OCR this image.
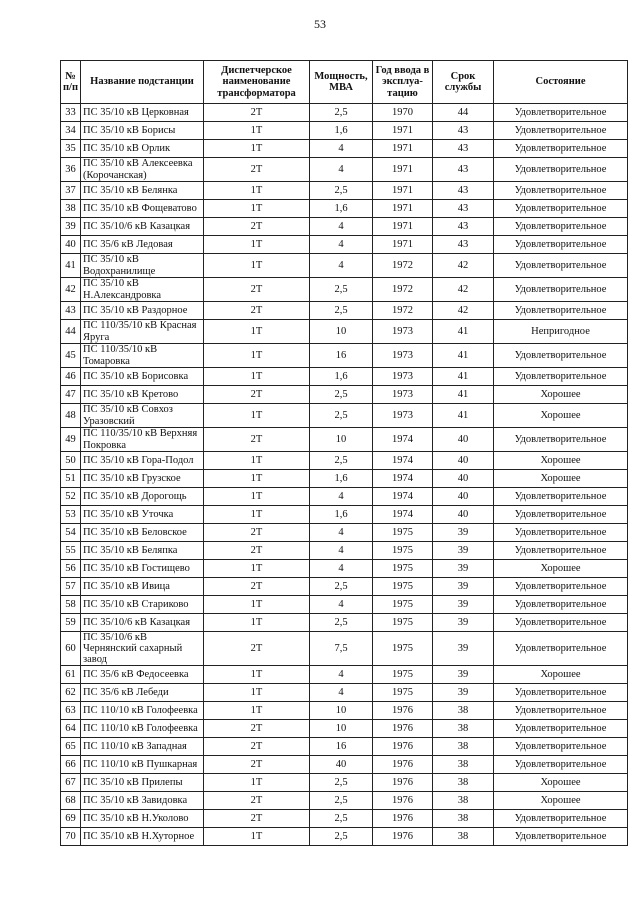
53
№ п/п	Название подстанции	Диспетчерское наименование трансформатора	Мощность, МВА	Год ввода в эксплуа-тацию	Срок службы	Состояние
33	ПС 35/10 кВ Церковная	2Т	2,5	1970	44	Удовлетворительное
34	ПС 35/10 кВ Борисы	1Т	1,6	1971	43	Удовлетворительное
35	ПС 35/10 кВ Орлик	1Т	4	1971	43	Удовлетворительное
36	ПС 35/10 кВ Алексеевка (Корочанская)	2Т	4	1971	43	Удовлетворительное
37	ПС 35/10 кВ Белянка	1Т	2,5	1971	43	Удовлетворительное
38	ПС 35/10 кВ Фощеватово	1Т	1,6	1971	43	Удовлетворительное
39	ПС 35/10/6 кВ Казацкая	2Т	4	1971	43	Удовлетворительное
40	ПС 35/6 кВ Ледовая	1Т	4	1971	43	Удовлетворительное
41	ПС 35/10 кВ Водохранилище	1Т	4	1972	42	Удовлетворительное
42	ПС 35/10 кВ Н.Александровка	2Т	2,5	1972	42	Удовлетворительное
43	ПС 35/10 кВ Раздорное	2Т	2,5	1972	42	Удовлетворительное
44	ПС 110/35/10 кВ Красная Яруга	1Т	10	1973	41	Непригодное
45	ПС 110/35/10 кВ Томаровка	1Т	16	1973	41	Удовлетворительное
46	ПС 35/10 кВ Борисовка	1Т	1,6	1973	41	Удовлетворительное
47	ПС 35/10 кВ Кретово	2Т	2,5	1973	41	Хорошее
48	ПС 35/10 кВ Совхоз Уразовский	1Т	2,5	1973	41	Хорошее
49	ПС 110/35/10 кВ Верхняя Покровка	2Т	10	1974	40	Удовлетворительное
50	ПС 35/10 кВ Гора-Подол	1Т	2,5	1974	40	Хорошее
51	ПС 35/10 кВ Грузское	1Т	1,6	1974	40	Хорошее
52	ПС 35/10 кВ Дорогощь	1Т	4	1974	40	Удовлетворительное
53	ПС 35/10 кВ Уточка	1Т	1,6	1974	40	Удовлетворительное
54	ПС 35/10 кВ Беловское	2Т	4	1975	39	Удовлетворительное
55	ПС 35/10 кВ Беляпка	2Т	4	1975	39	Удовлетворительное
56	ПС 35/10 кВ Гостищево	1Т	4	1975	39	Хорошее
57	ПС 35/10 кВ Ивица	2Т	2,5	1975	39	Удовлетворительное
58	ПС 35/10 кВ Стариково	1Т	4	1975	39	Удовлетворительное
59	ПС 35/10/6 кВ Казацкая	1Т	2,5	1975	39	Удовлетворительное
60	ПС 35/10/6 кВ Чернянский сахарный завод	2Т	7,5	1975	39	Удовлетворительное
61	ПС 35/6 кВ Федосеевка	1Т	4	1975	39	Хорошее
62	ПС 35/6 кВ Лебеди	1Т	4	1975	39	Удовлетворительное
63	ПС 110/10 кВ Голофеевка	1Т	10	1976	38	Удовлетворительное
64	ПС 110/10 кВ Голофеевка	2Т	10	1976	38	Удовлетворительное
65	ПС 110/10 кВ Западная	2Т	16	1976	38	Удовлетворительное
66	ПС 110/10 кВ Пушкарная	2Т	40	1976	38	Удовлетворительное
67	ПС 35/10 кВ Прилепы	1Т	2,5	1976	38	Хорошее
68	ПС 35/10 кВ Завидовка	2Т	2,5	1976	38	Хорошее
69	ПС 35/10 кВ Н.Уколово	2Т	2,5	1976	38	Удовлетворительное
70	ПС 35/10 кВ Н.Хуторное	1Т	2,5	1976	38	Удовлетворительное
